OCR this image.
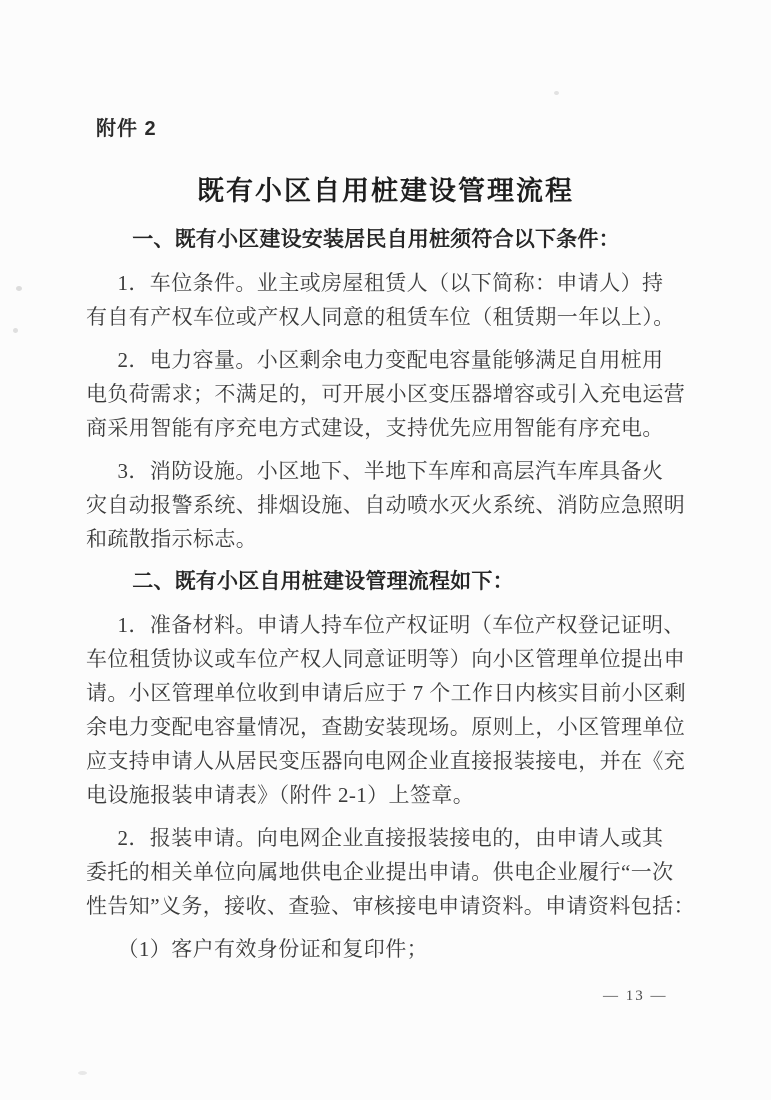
附件 2
既有小区自用桩建设管理流程
一、既有小区建设安装居民自用桩须符合以下条件：
1．车位条件。业主或房屋租赁人（以下简称：申请人）持
有自有产权车位或产权人同意的租赁车位（租赁期一年以上）。
2．电力容量。小区剩余电力变配电容量能够满足自用桩用
电负荷需求；不满足的，可开展小区变压器增容或引入充电运营
商采用智能有序充电方式建设，支持优先应用智能有序充电。
3．消防设施。小区地下、半地下车库和高层汽车库具备火
灾自动报警系统、排烟设施、自动喷水灭火系统、消防应急照明
和疏散指示标志。
二、既有小区自用桩建设管理流程如下：
1．准备材料。申请人持车位产权证明（车位产权登记证明、
车位租赁协议或车位产权人同意证明等）向小区管理单位提出申
请。小区管理单位收到申请后应于 7 个工作日内核实目前小区剩
余电力变配电容量情况，查勘安装现场。原则上，小区管理单位
应支持申请人从居民变压器向电网企业直接报装接电，并在《充
电设施报装申请表》（附件 2-1）上签章。
2．报装申请。向电网企业直接报装接电的，由申请人或其
委托的相关单位向属地供电企业提出申请。供电企业履行“一次
性告知”义务，接收、查验、审核接电申请资料。申请资料包括：
（1）客户有效身份证和复印件；
— 13 —
